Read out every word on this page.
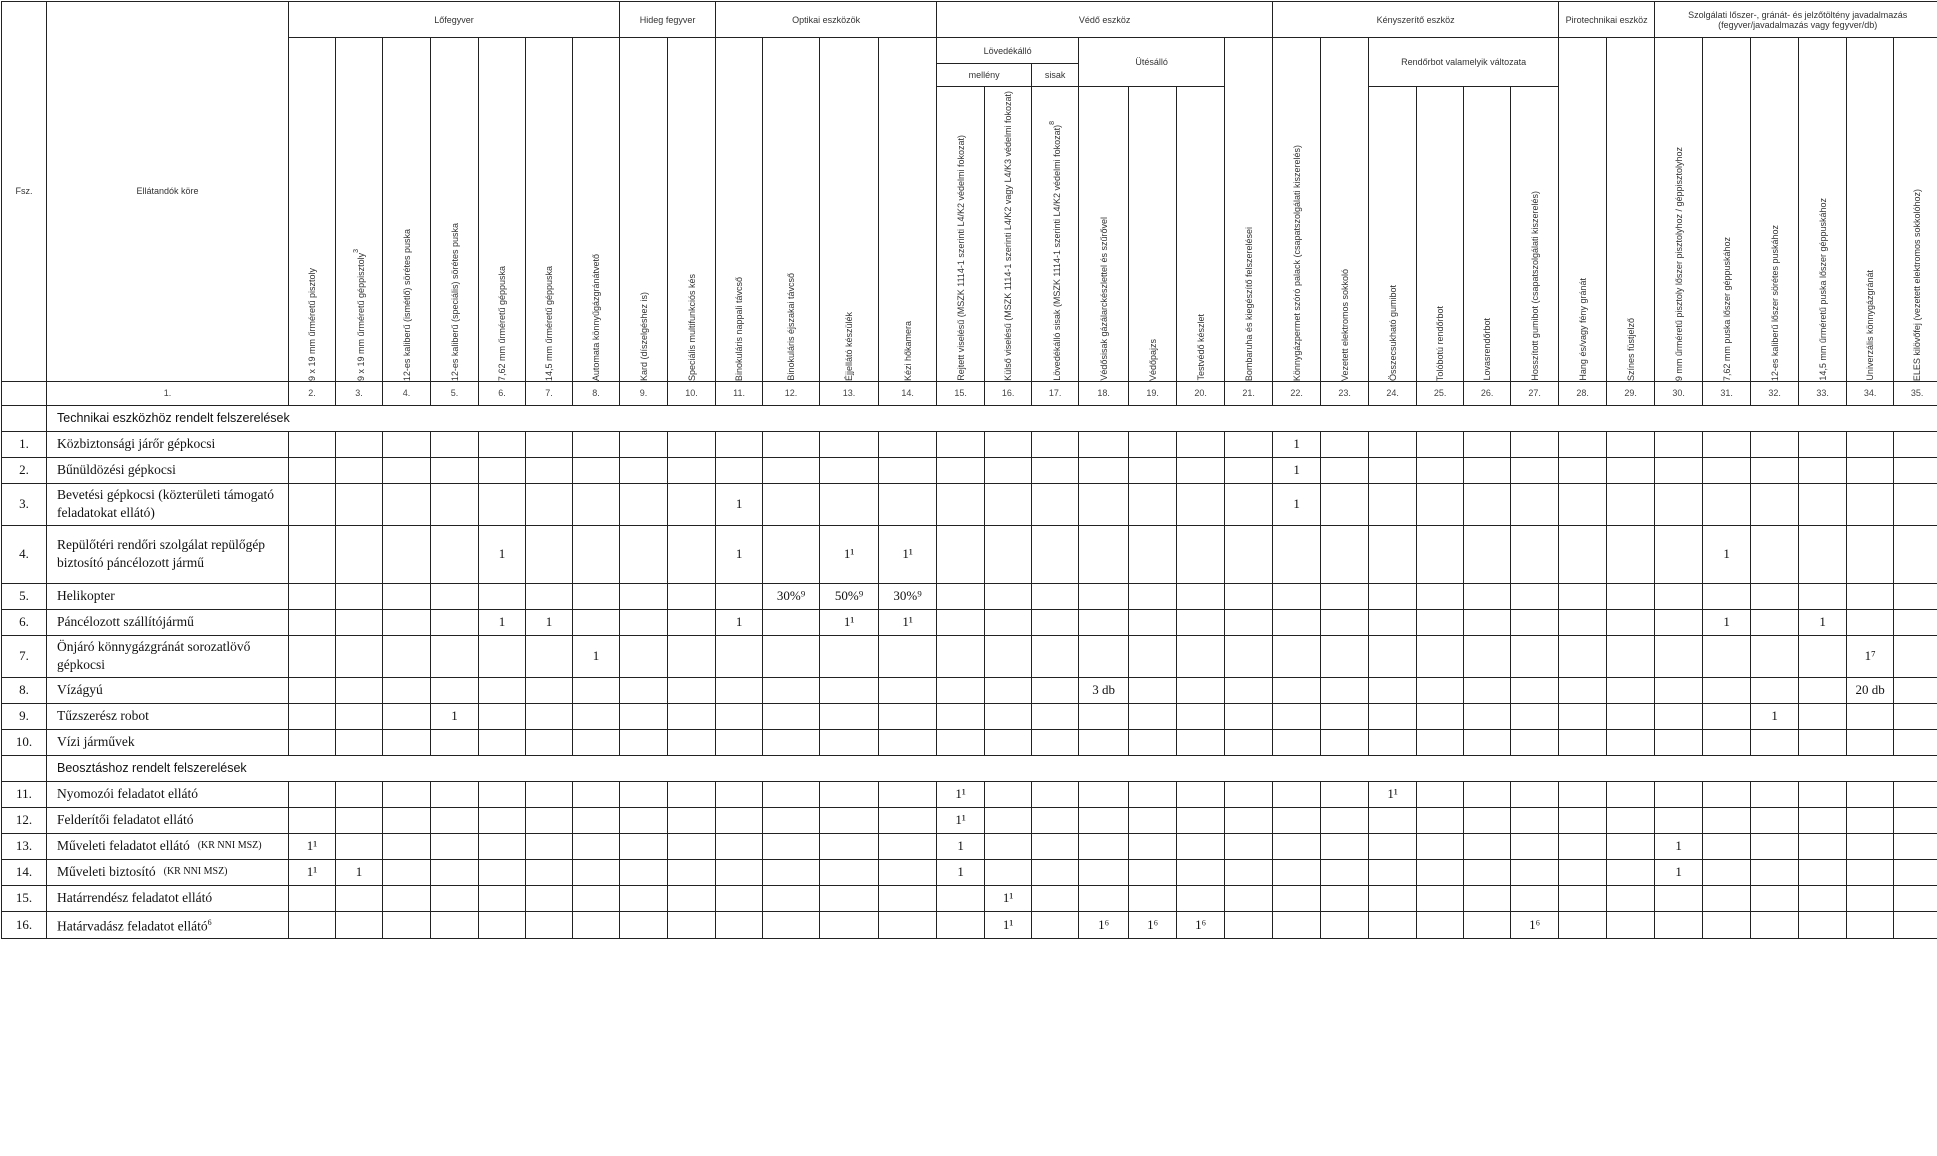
Fsz.	Ellátandók köre	Lőfegyver							Hideg fegyver		Optikai eszközök				Védő eszköz							Kényszerítő eszköz						Pirotechnikai eszköz		Szolgálati lőszer-, gránát- és jelzőtöltény javadalmazás (fegyver/javadalmazás vagy fegyver/db)					

		9 x 19 mm űrméretű pisztoly	9 x 19 mm űrméretű géppisztoly$^3$	12-es kaliberű (ismétlő) sörétes puska	12-es kaliberű (speciális) sörétes puska	7,62 mm űrméretű géppuska	14,5 mm űrméretű géppuska	Automata könnyűgázgránátvető	Kard (díszelgéshez is)	Speciális multifunkciós kés	Binokuláris nappali távcső	Binokuláris éjszakai távcső	Éjjellátó készülék	Kézi hőkamera	Lövedékálló			Ütésálló			Bombaruha és kiegészítő felszerelései	Könnygázpermet szóró palack (csapatszolgálati kiszerelés)	Vezetett elektromos sokkoló	Rendőrbot valamelyik változata				Hang és/vagy fény gránát	Színes füstjelző	9 mm űrméretű pisztoly lőszer pisztolyhoz / géppisztolyhoz	7,62 mm puska lőszer géppuskához	12-es kaliberű lőszer sörétes puskához	14,5 mm űrméretű puska lőszer géppuskához	Univerzális könnygázgránát	ELES kilövőfej (vezetett elektromos sokkolóhoz)

															mellény		sisak																		

															Rejtett viselésű (MSZK 1114-1 szerinti L4/K2 védelmi fokozat)	Külső viselésű (MSZK 1114-1 szerinti L4/K2 vagy L4/K3 védelmi fokozat)	Lövedékálló sisak (MSZK 1114-1 szerinti L4/K2 védelmi fokozat)$^8$	Védősisak gázálarckészlettel és szűrővel	Védőpajzs	Testvédő készlet				Összecsukható gumibot	Tolóbotú rendőrbot	Lovasrendőrbot	Hosszított gumibot (csapatszolgálati kiszerelés)								

	1.	2.	3.	4.	5.	6.	7.	8.	9.	10.	11.	12.	13.	14.	15.	16.	17.	18.	19.	20.	21.	22.	23.	24.	25.	26.	27.	28.	29.	30.	31.	32.	33.	34.	35.
	Technikai eszközhöz rendelt felszerelések																																		
1.	Közbiztonsági járőr gépkocsi																					1													
2.	Bűnüldözési gépkocsi																					1													
3.	Bevetési gépkocsi (közterületi támogató feladatokat ellátó)										1											1													
4.	Repülőtéri rendőri szolgálat repülőgép biztosító páncélozott jármű					1					1		1¹	1¹																	1				
5.	Helikopter											30%⁹	50%⁹	30%⁹																					
6.	Páncélozott szállítójármű					1	1				1		1¹	1¹																	1		1		
7.	Önjáró könnygázgránát sorozatlövő gépkocsi							1																										1⁷	
8.	Vízágyú																	3 db																20 db	
9.	Tűzszerész robot				1																											1			
10.	Vízi járművek																																		
	Beosztáshoz rendelt felszerelések																																		
11.	Nyomozói feladatot ellátó														1¹									1¹											
12.	Felderítői feladatot ellátó														1¹																				
13.	Műveleti feladatot ellátó $^{(KR NNI MSZ)}$	1¹													1															1					
14.	Műveleti biztosító $^{(KR NNI MSZ)}$	1¹	1												1															1					
15.	Határrendész feladatot ellátó															1¹																			
16.	Határvadász feladatot ellátó$^6$															1¹		1⁶	1⁶	1⁶							1⁶								
